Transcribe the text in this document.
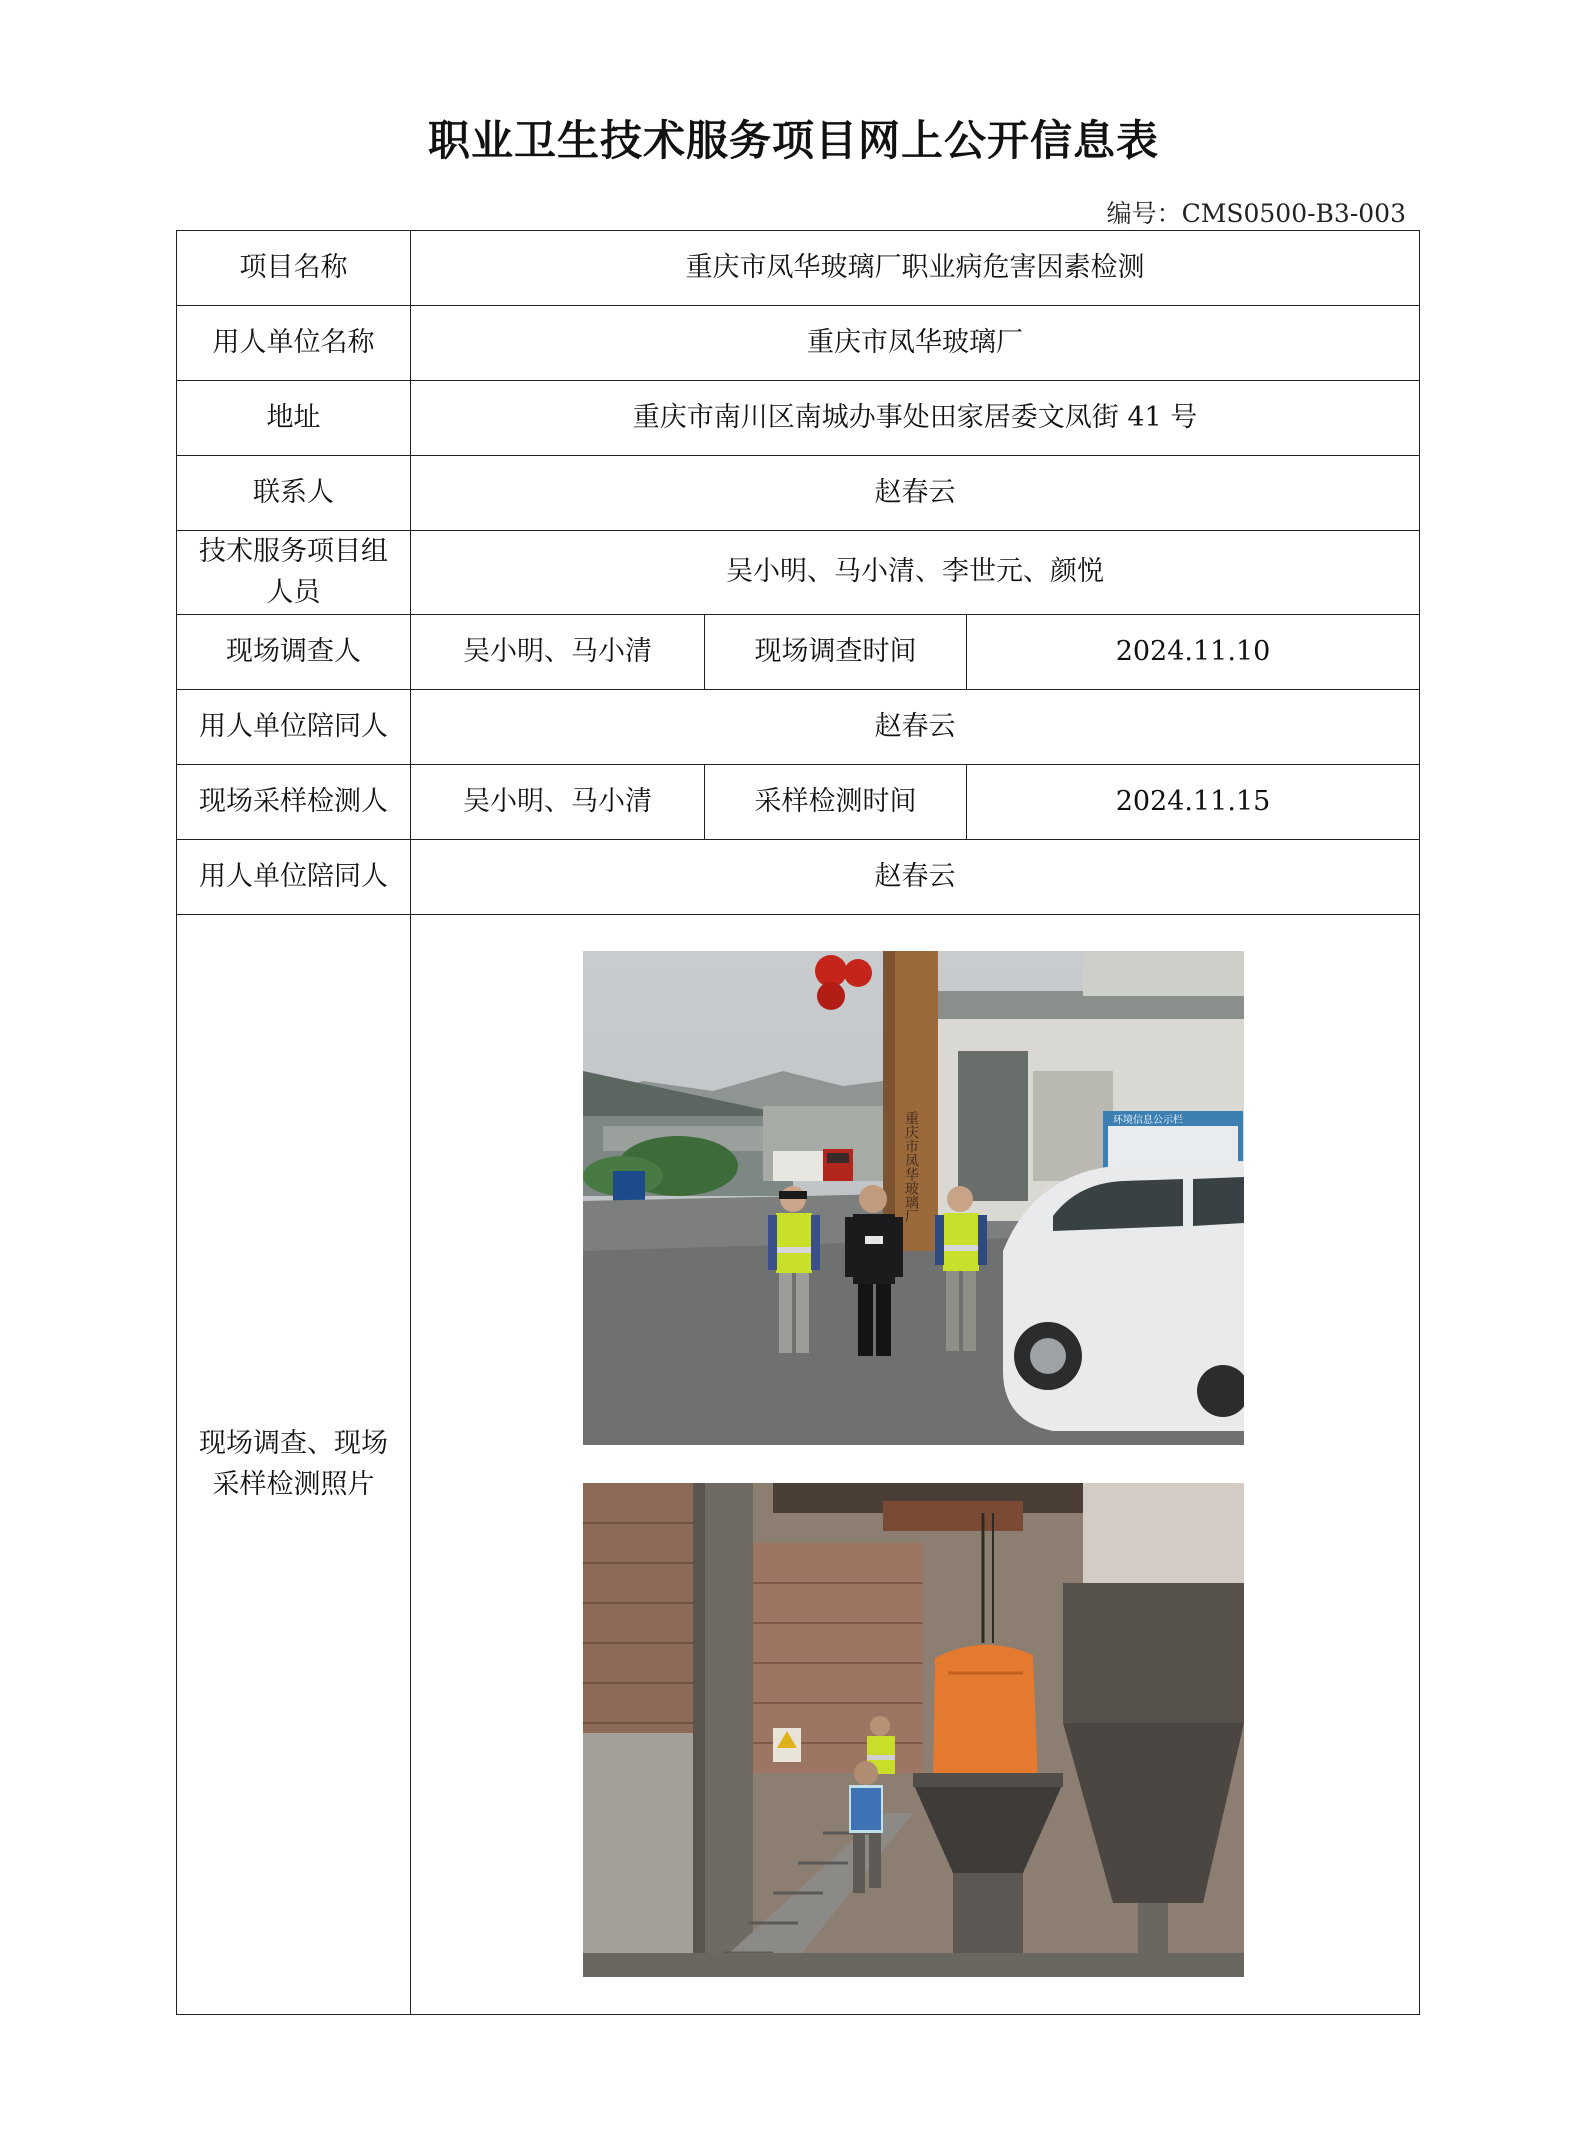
职业卫生技术服务项目网上公开信息表
编号：CMS0500-B3-003
项目名称	重庆市凤华玻璃厂职业病危害因素检测		
用人单位名称	重庆市凤华玻璃厂		
地址	重庆市南川区南城办事处田家居委文凤街 41 号		
联系人	赵春云		
技术服务项目组人员	吴小明、马小清、李世元、颜悦		
现场调查人	吴小明、马小清	现场调查时间	2024.11.10
用人单位陪同人	赵春云		
现场采样检测人	吴小明、马小清	采样检测时间	2024.11.15
用人单位陪同人	赵春云		
现场调查、现场采样检测照片	环境信息公示栏
重庆市凤华玻璃厂		
